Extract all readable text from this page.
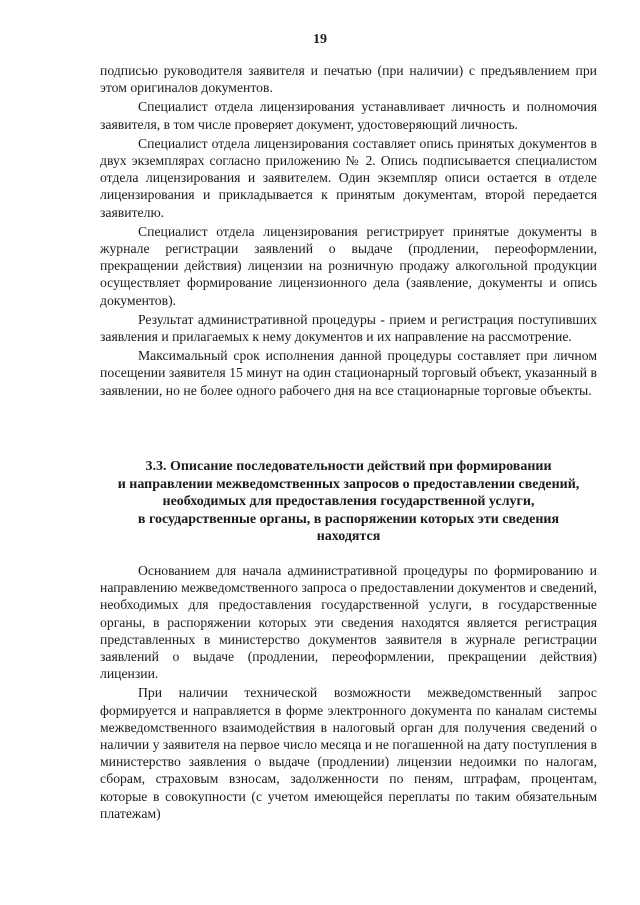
19

подписью руководителя заявителя и печатью (при наличии) с предъявлением при этом оригиналов документов.

Специалист отдела лицензирования устанавливает личность и полномочия заявителя, в том числе проверяет документ, удостоверяющий личность.

Специалист отдела лицензирования составляет опись принятых документов в двух экземплярах согласно приложению № 2. Опись подписывается специалистом отдела лицензирования и заявителем. Один экземпляр описи остается в отделе лицензирования и прикладывается к принятым документам, второй передается заявителю.

Специалист отдела лицензирования регистрирует принятые документы в журнале регистрации заявлений о выдаче (продлении, переоформлении, прекращении действия) лицензии на розничную продажу алкогольной продукции осуществляет формирование лицензионного дела (заявление, документы и опись документов).

Результат административной процедуры - прием и регистрация поступивших заявления и прилагаемых к нему документов и их направление на рассмотрение.

Максимальный срок исполнения данной процедуры составляет при личном посещении заявителя 15 минут на один стационарный торговый объект, указанный в заявлении, но не более одного рабочего дня на все стационарные торговые объекты.

3.3. Описание последовательности действий при формировании
и направлении межведомственных запросов о предоставлении сведений,
необходимых для предоставления государственной услуги,
в государственные органы, в распоряжении которых эти сведения
находятся

Основанием для начала административной процедуры по формированию и направлению межведомственного запроса о предоставлении документов и сведений, необходимых для предоставления государственной услуги, в государственные органы, в распоряжении которых эти сведения находятся является регистрация представленных в министерство документов заявителя в журнале регистрации заявлений о выдаче (продлении, переоформлении, прекращении действия) лицензии.

При наличии технической возможности межведомственный запрос формируется и направляется в форме электронного документа по каналам системы межведомственного взаимодействия в налоговый орган для получения сведений о наличии у заявителя на первое число месяца и не погашенной на дату поступления в министерство заявления о выдаче (продлении) лицензии недоимки по налогам, сборам, страховым взносам, задолженности по пеням, штрафам, процентам, которые в совокупности (с учетом имеющейся переплаты по таким обязательным платежам)
